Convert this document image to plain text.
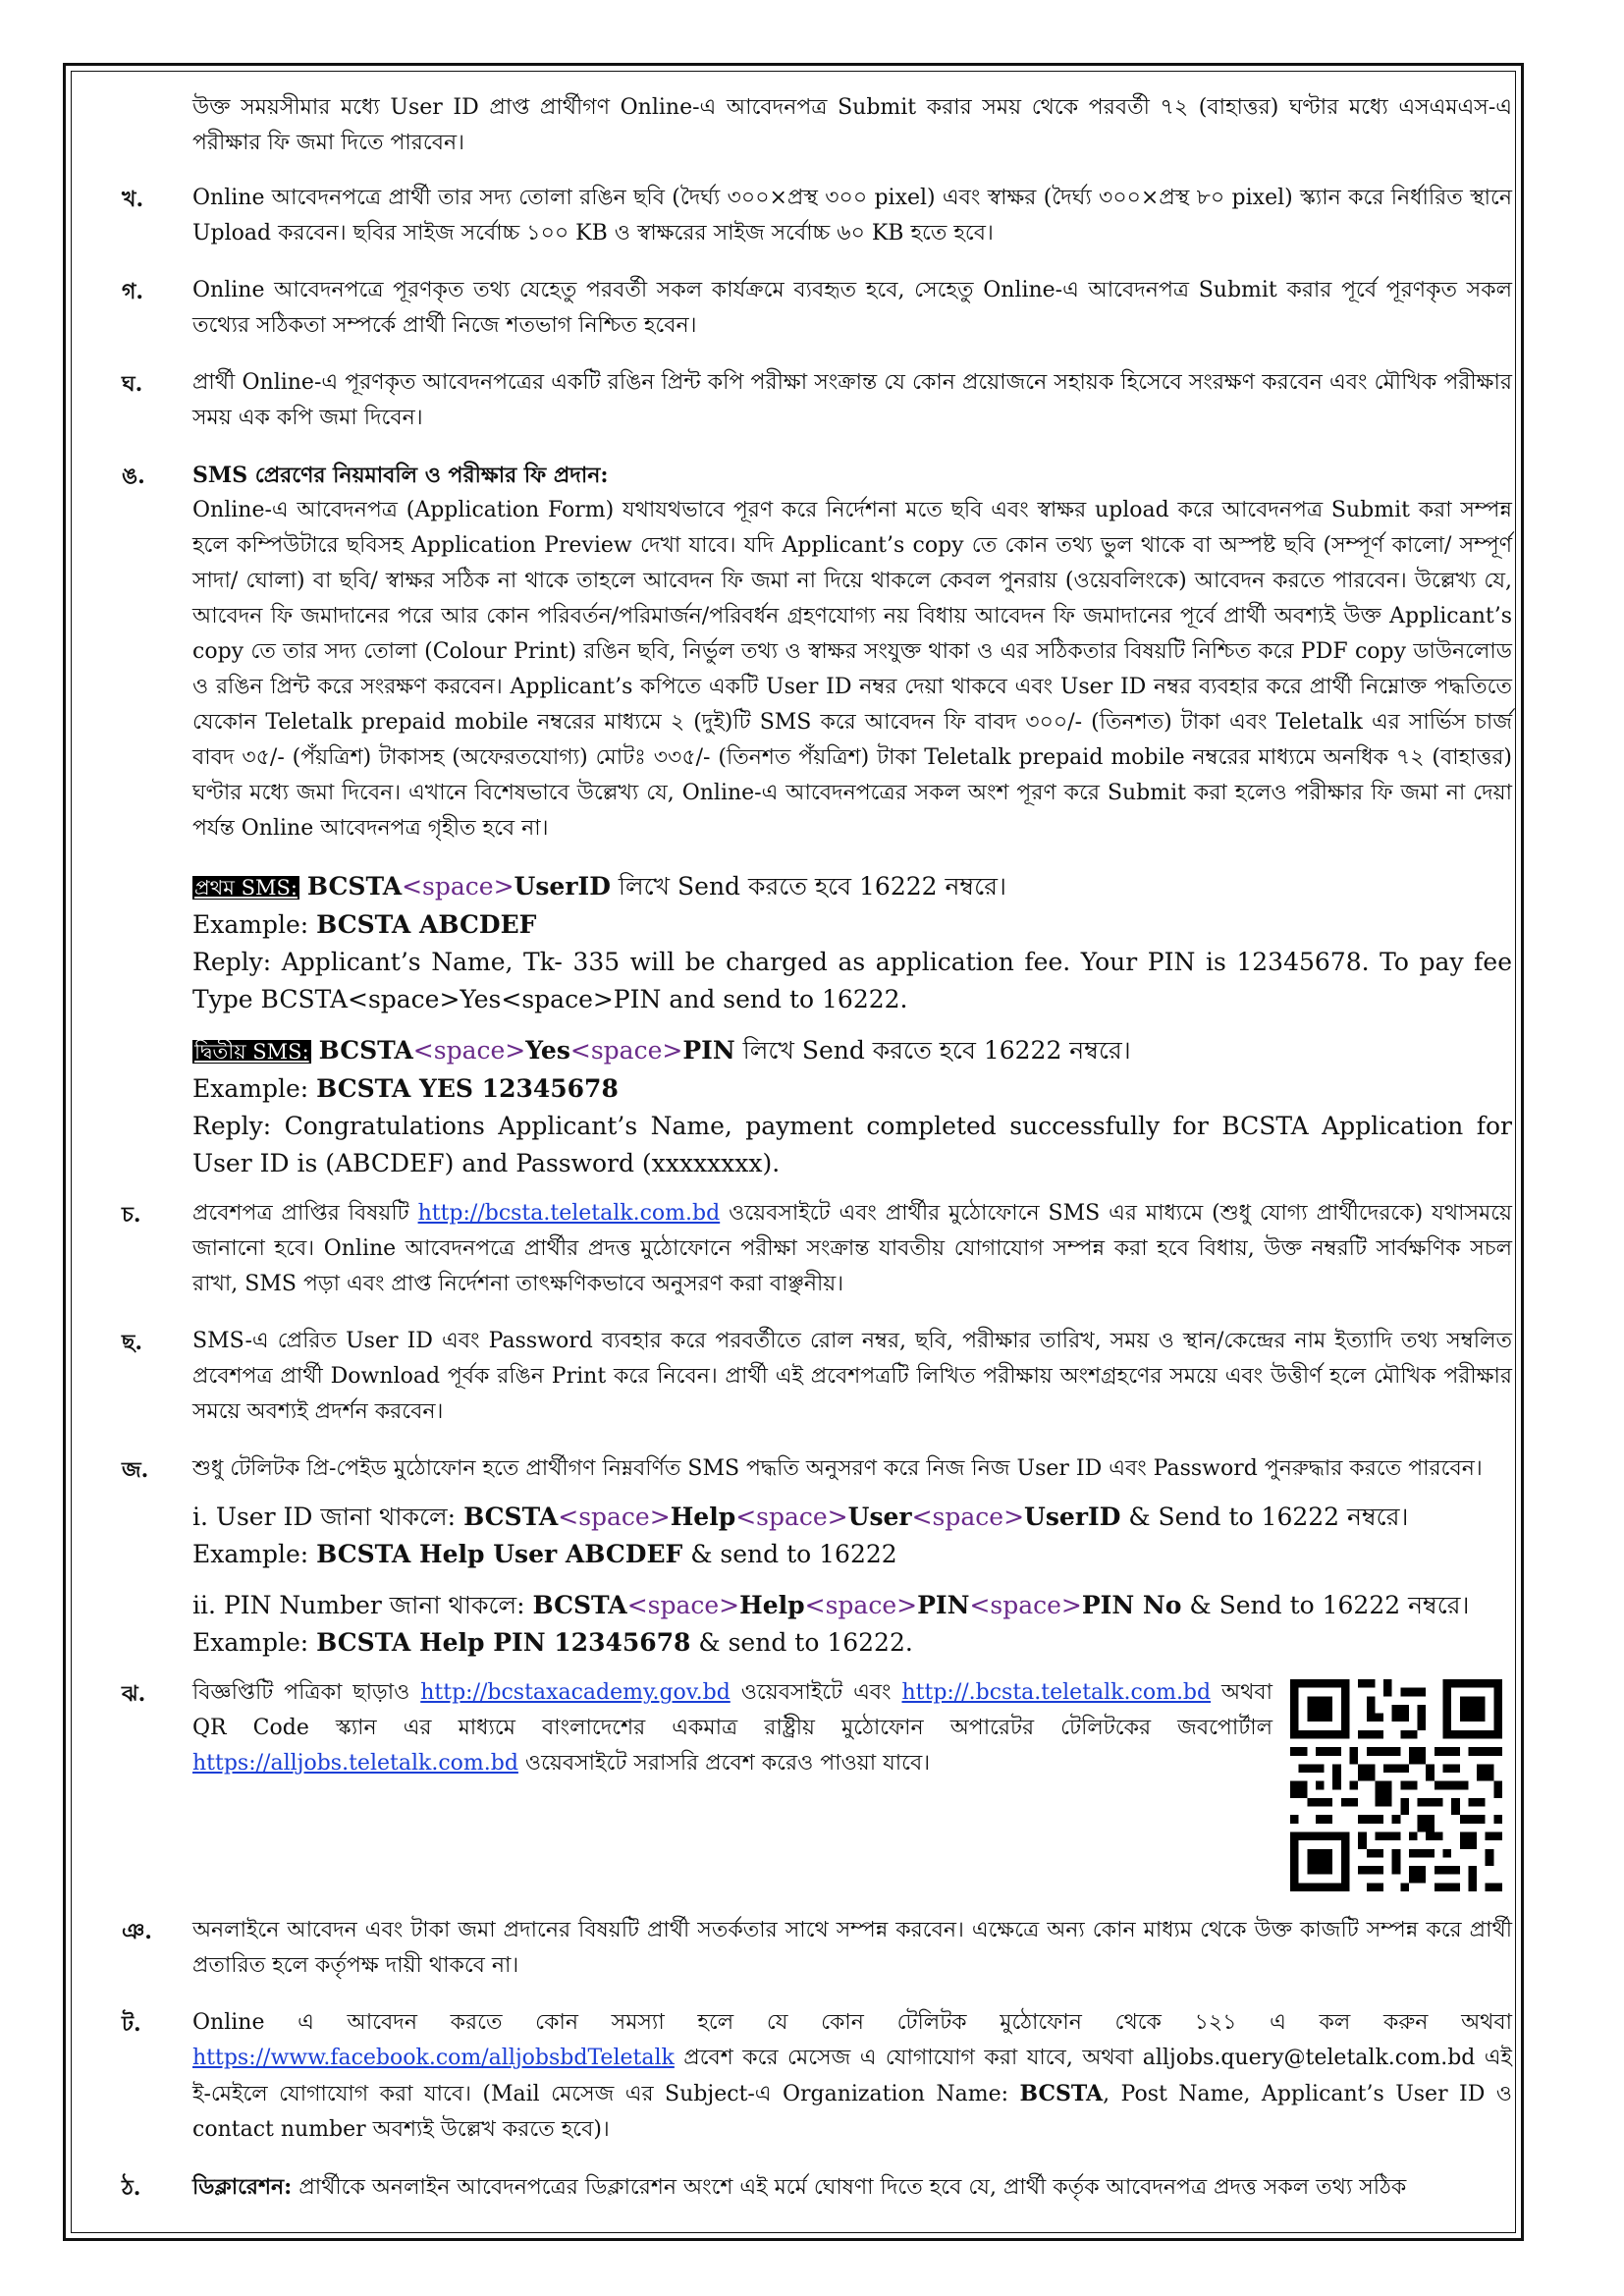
উক্ত সময়সীমার মধ্যে User ID প্রাপ্ত প্রার্থীগণ Online-এ আবেদনপত্র Submit করার সময় থেকে পরবর্তী ৭২ (বাহাত্তর) ঘণ্টার মধ্যে এসএমএস-এ পরীক্ষার ফি জমা দিতে পারবেন।

খ. Online আবেদনপত্রে প্রার্থী তার সদ্য তোলা রঙিন ছবি (দৈর্ঘ্য ৩০০×প্রস্থ ৩০০ pixel) এবং স্বাক্ষর (দৈর্ঘ্য ৩০০×প্রস্থ ৮০ pixel) স্ক্যান করে নির্ধারিত স্থানে Upload করবেন। ছবির সাইজ সর্বোচ্চ ১০০ KB ও স্বাক্ষরের সাইজ সর্বোচ্চ ৬০ KB হতে হবে।

গ. Online আবেদনপত্রে পূরণকৃত তথ্য যেহেতু পরবর্তী সকল কার্যক্রমে ব্যবহৃত হবে, সেহেতু Online-এ আবেদনপত্র Submit করার পূর্বে পূরণকৃত সকল তথ্যের সঠিকতা সম্পর্কে প্রার্থী নিজে শতভাগ নিশ্চিত হবেন।

ঘ. প্রার্থী Online-এ পূরণকৃত আবেদনপত্রের একটি রঙিন প্রিন্ট কপি পরীক্ষা সংক্রান্ত যে কোন প্রয়োজনে সহায়ক হিসেবে সংরক্ষণ করবেন এবং মৌখিক পরীক্ষার সময় এক কপি জমা দিবেন।

ঙ. SMS প্রেরণের নিয়মাবলি ও পরীক্ষার ফি প্রদান:

Online-এ আবেদনপত্র (Application Form) যথাযথভাবে পূরণ করে নির্দেশনা মতে ছবি এবং স্বাক্ষর upload করে আবেদনপত্র Submit করা সম্পন্ন হলে কম্পিউটারে ছবিসহ Application Preview দেখা যাবে। যদি Applicant’s copy তে কোন তথ্য ভুল থাকে বা অস্পষ্ট ছবি (সম্পূর্ণ কালো/ সম্পূর্ণ সাদা/ ঘোলা) বা ছবি/ স্বাক্ষর সঠিক না থাকে তাহলে আবেদন ফি জমা না দিয়ে থাকলে কেবল পুনরায় (ওয়েবলিংকে) আবেদন করতে পারবেন। উল্লেখ্য যে, আবেদন ফি জমাদানের পরে আর কোন পরিবর্তন/পরিমার্জন/পরিবর্ধন গ্রহণযোগ্য নয় বিধায় আবেদন ফি জমাদানের পূর্বে প্রার্থী অবশ্যই উক্ত Applicant’s copy তে তার সদ্য তোলা (Colour Print) রঙিন ছবি, নির্ভুল তথ্য ও স্বাক্ষর সংযুক্ত থাকা ও এর সঠিকতার বিষয়টি নিশ্চিত করে PDF copy ডাউনলোড ও রঙিন প্রিন্ট করে সংরক্ষণ করবেন। Applicant’s কপিতে একটি User ID নম্বর দেয়া থাকবে এবং User ID নম্বর ব্যবহার করে প্রার্থী নিম্নোক্ত পদ্ধতিতে যেকোন Teletalk prepaid mobile নম্বরের মাধ্যমে ২ (দুই)টি SMS করে আবেদন ফি বাবদ ৩০০/- (তিনশত) টাকা এবং Teletalk এর সার্ভিস চার্জ বাবদ ৩৫/- (পঁয়ত্রিশ) টাকাসহ (অফেরতযোগ্য) মোটঃ ৩৩৫/- (তিনশত পঁয়ত্রিশ) টাকা Teletalk prepaid mobile নম্বরের মাধ্যমে অনধিক ৭২ (বাহাত্তর) ঘণ্টার মধ্যে জমা দিবেন। এখানে বিশেষভাবে উল্লেখ্য যে, Online-এ আবেদনপত্রের সকল অংশ পূরণ করে Submit করা হলেও পরীক্ষার ফি জমা না দেয়া পর্যন্ত Online আবেদনপত্র গৃহীত হবে না।

প্রথম SMS: BCSTA<space>UserID লিখে Send করতে হবে 16222 নম্বরে।

Example: BCSTA ABCDEF

Reply: Applicant’s Name, Tk- 335 will be charged as application fee. Your PIN is 12345678. To pay fee Type BCSTA<space>Yes<space>PIN and send to 16222.

দ্বিতীয় SMS: BCSTA<space>Yes<space>PIN লিখে Send করতে হবে 16222 নম্বরে।

Example: BCSTA YES 12345678

Reply: Congratulations Applicant’s Name, payment completed successfully for BCSTA Application for User ID is (ABCDEF) and Password (xxxxxxxx).

চ. প্রবেশপত্র প্রাপ্তির বিষয়টি http://bcsta.teletalk.com.bd ওয়েবসাইটে এবং প্রার্থীর মুঠোফোনে SMS এর মাধ্যমে (শুধু যোগ্য প্রার্থীদেরকে) যথাসময়ে জানানো হবে। Online আবেদনপত্রে প্রার্থীর প্রদত্ত মুঠোফোনে পরীক্ষা সংক্রান্ত যাবতীয় যোগাযোগ সম্পন্ন করা হবে বিধায়, উক্ত নম্বরটি সার্বক্ষণিক সচল রাখা, SMS পড়া এবং প্রাপ্ত নির্দেশনা তাৎক্ষণিকভাবে অনুসরণ করা বাঞ্ছনীয়।

ছ. SMS-এ প্রেরিত User ID এবং Password ব্যবহার করে পরবর্তীতে রোল নম্বর, ছবি, পরীক্ষার তারিখ, সময় ও স্থান/কেন্দ্রের নাম ইত্যাদি তথ্য সম্বলিত প্রবেশপত্র প্রার্থী Download পূর্বক রঙিন Print করে নিবেন। প্রার্থী এই প্রবেশপত্রটি লিখিত পরীক্ষায় অংশগ্রহণের সময়ে এবং উত্তীর্ণ হলে মৌখিক পরীক্ষার সময়ে অবশ্যই প্রদর্শন করবেন।

জ. শুধু টেলিটক প্রি-পেইড মুঠোফোন হতে প্রার্থীগণ নিম্নবর্ণিত SMS পদ্ধতি অনুসরণ করে নিজ নিজ User ID এবং Password পুনরুদ্ধার করতে পারবেন।

i. User ID জানা থাকলে: BCSTA<space>Help<space>User<space>UserID & Send to 16222 নম্বরে।

Example: BCSTA Help User ABCDEF & send to 16222

ii. PIN Number জানা থাকলে: BCSTA<space>Help<space>PIN<space>PIN No & Send to 16222 নম্বরে।

Example: BCSTA Help PIN 12345678 & send to 16222.

ঝ. বিজ্ঞপ্তিটি পত্রিকা ছাড়াও http://bcstaxacademy.gov.bd ওয়েবসাইটে এবং http://.bcsta.teletalk.com.bd অথবা QR Code স্ক্যান এর মাধ্যমে বাংলাদেশের একমাত্র রাষ্ট্রীয় মুঠোফোন অপারেটর টেলিটকের জবপোর্টাল https://alljobs.teletalk.com.bd ওয়েবসাইটে সরাসরি প্রবেশ করেও পাওয়া যাবে।

ঞ. অনলাইনে আবেদন এবং টাকা জমা প্রদানের বিষয়টি প্রার্থী সতর্কতার সাথে সম্পন্ন করবেন। এক্ষেত্রে অন্য কোন মাধ্যম থেকে উক্ত কাজটি সম্পন্ন করে প্রার্থী প্রতারিত হলে কর্তৃপক্ষ দায়ী থাকবে না।

ট. Online এ আবেদন করতে কোন সমস্যা হলে যে কোন টেলিটক মুঠোফোন থেকে ১২১ এ কল করুন অথবা https://www.facebook.com/alljobsbdTeletalk প্রবেশ করে মেসেজ এ যোগাযোগ করা যাবে, অথবা alljobs.query@teletalk.com.bd এই ই-মেইলে যোগাযোগ করা যাবে। (Mail মেসেজ এর Subject-এ Organization Name: BCSTA, Post Name, Applicant’s User ID ও contact number অবশ্যই উল্লেখ করতে হবে)।

ঠ. ডিক্লারেশন: প্রার্থীকে অনলাইন আবেদনপত্রের ডিক্লারেশন অংশে এই মর্মে ঘোষণা দিতে হবে যে, প্রার্থী কর্তৃক আবেদনপত্র প্রদত্ত সকল তথ্য সঠিক
